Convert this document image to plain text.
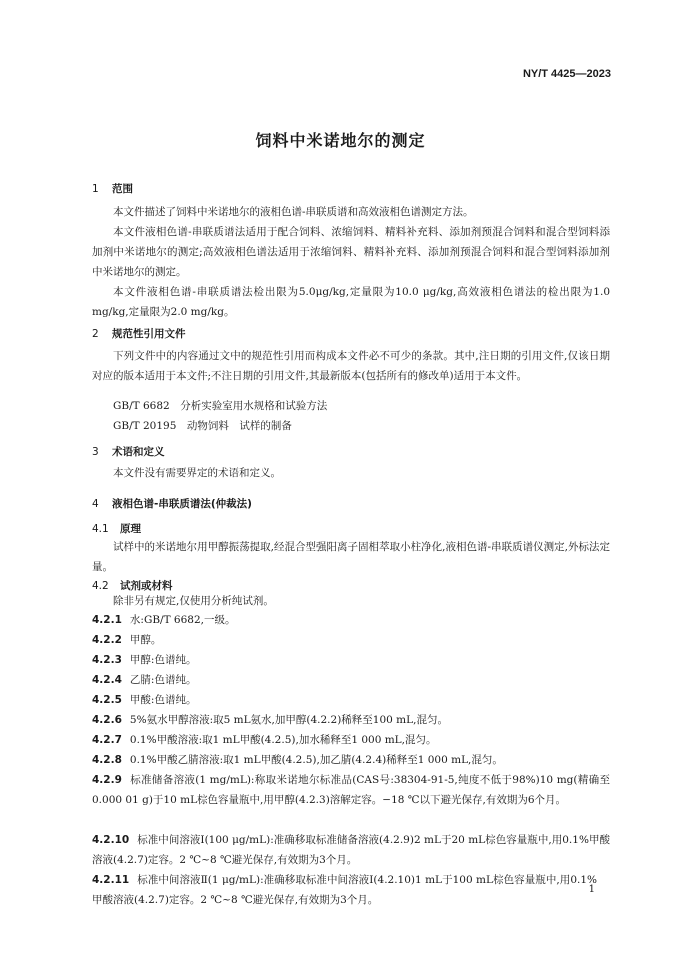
NY/T 4425—2023
饲料中米诺地尔的测定
1 范围
本文件描述了饲料中米诺地尔的液相色谱-串联质谱和高效液相色谱测定方法。
本文件液相色谱-串联质谱法适用于配合饲料、浓缩饲料、精料补充料、添加剂预混合饲料和混合型饲料添加剂中米诺地尔的测定;高效液相色谱法适用于浓缩饲料、精料补充料、添加剂预混合饲料和混合型饲料添加剂中米诺地尔的测定。
本文件液相色谱-串联质谱法检出限为5.0μg/kg,定量限为10.0 μg/kg,高效液相色谱法的检出限为1.0 mg/kg,定量限为2.0 mg/kg。
2 规范性引用文件
下列文件中的内容通过文中的规范性引用而构成本文件必不可少的条款。其中,注日期的引用文件,仅该日期对应的版本适用于本文件;不注日期的引用文件,其最新版本(包括所有的修改单)适用于本文件。
GB/T 6682　分析实验室用水规格和试验方法
GB/T 20195　动物饲料　试样的制备
3 术语和定义
本文件没有需要界定的术语和定义。
4 液相色谱-串联质谱法(仲裁法)
4.1 原理
试样中的米诺地尔用甲醇振荡提取,经混合型强阳离子固相萃取小柱净化,液相色谱-串联质谱仪测定,外标法定量。
4.2 试剂或材料
除非另有规定,仅使用分析纯试剂。
4.2.1 水:GB/T 6682,一级。
4.2.2 甲醇。
4.2.3 甲醇:色谱纯。
4.2.4 乙腈:色谱纯。
4.2.5 甲酸:色谱纯。
4.2.6 5%氨水甲醇溶液:取5 mL氨水,加甲醇(4.2.2)稀释至100 mL,混匀。
4.2.7 0.1%甲酸溶液:取1 mL甲酸(4.2.5),加水稀释至1 000 mL,混匀。
4.2.8 0.1%甲酸乙腈溶液:取1 mL甲酸(4.2.5),加乙腈(4.2.4)稀释至1 000 mL,混匀。
4.2.9 标准储备溶液(1 mg/mL):称取米诺地尔标准品(CAS号:38304-91-5,纯度不低于98%)10 mg(精确至0.000 01 g)于10 mL棕色容量瓶中,用甲醇(4.2.3)溶解定容。−18 ℃以下避光保存,有效期为6个月。
4.2.10 标准中间溶液Ⅰ(100 μg/mL):准确移取标准储备溶液(4.2.9)2 mL于20 mL棕色容量瓶中,用0.1%甲酸溶液(4.2.7)定容。2 ℃~8 ℃避光保存,有效期为3个月。
4.2.11 标准中间溶液Ⅱ(1 μg/mL):准确移取标准中间溶液Ⅰ(4.2.10)1 mL于100 mL棕色容量瓶中,用0.1%甲酸溶液(4.2.7)定容。2 ℃~8 ℃避光保存,有效期为3个月。
1
